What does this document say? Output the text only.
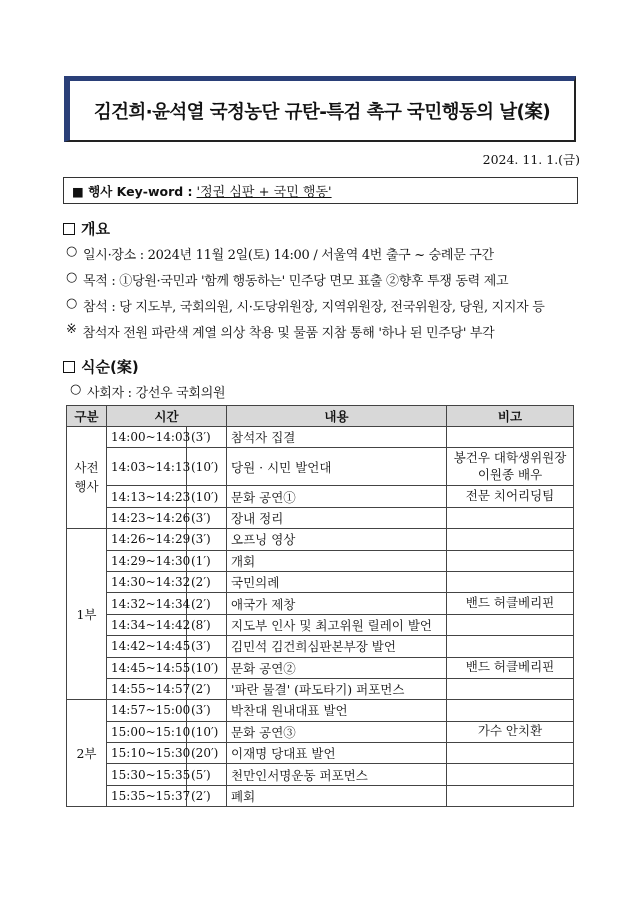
김건희·윤석열 국정농단 규탄-특검 촉구 국민행동의 날(案)
2024. 11. 1.(금)
■ 행사 Key-word : '정권 심판 + 국민 행동'
개요
○ 일시·장소 : 2024년 11월 2일(토) 14:00 / 서울역 4번 출구 ~ 숭례문 구간
○ 목적 : ①당원·국민과 '함께 행동하는' 민주당 면모 표출 ②향후 투쟁 동력 제고
○ 참석 : 당 지도부, 국회의원, 시·도당위원장, 지역위원장, 전국위원장, 당원, 지지자 등
※ 참석자 전원 파란색 계열 의상 착용 및 물품 지참 통해 '하나 된 민주당' 부각
식순(案)
○ 사회자 : 강선우 국회의원
구분	시간		내용	비고
사전
행사	14:00~14:03	(3′)	참석자 집결	
	14:03~14:13	(10′)	당원 · 시민 발언대	봉건우 대학생위원장
이원종 배우
	14:13~14:23	(10′)	문화 공연①	전문 치어리딩팀
	14:23~14:26	(3′)	장내 정리	
1부	14:26~14:29	(3′)	오프닝 영상	
	14:29~14:30	(1′)	개회	
	14:30~14:32	(2′)	국민의례	
	14:32~14:34	(2′)	애국가 제창	밴드 허클베리핀
	14:34~14:42	(8′)	지도부 인사 및 최고위원 릴레이 발언	
	14:42~14:45	(3′)	김민석 김건희심판본부장 발언	
	14:45~14:55	(10′)	문화 공연②	밴드 허클베리핀
	14:55~14:57	(2′)	'파란 물결' (파도타기) 퍼포먼스	
2부	14:57~15:00	(3′)	박찬대 원내대표 발언	
	15:00~15:10	(10′)	문화 공연③	가수 안치환
	15:10~15:30	(20′)	이재명 당대표 발언	
	15:30~15:35	(5′)	천만인서명운동 퍼포먼스	
	15:35~15:37	(2′)	폐회	
